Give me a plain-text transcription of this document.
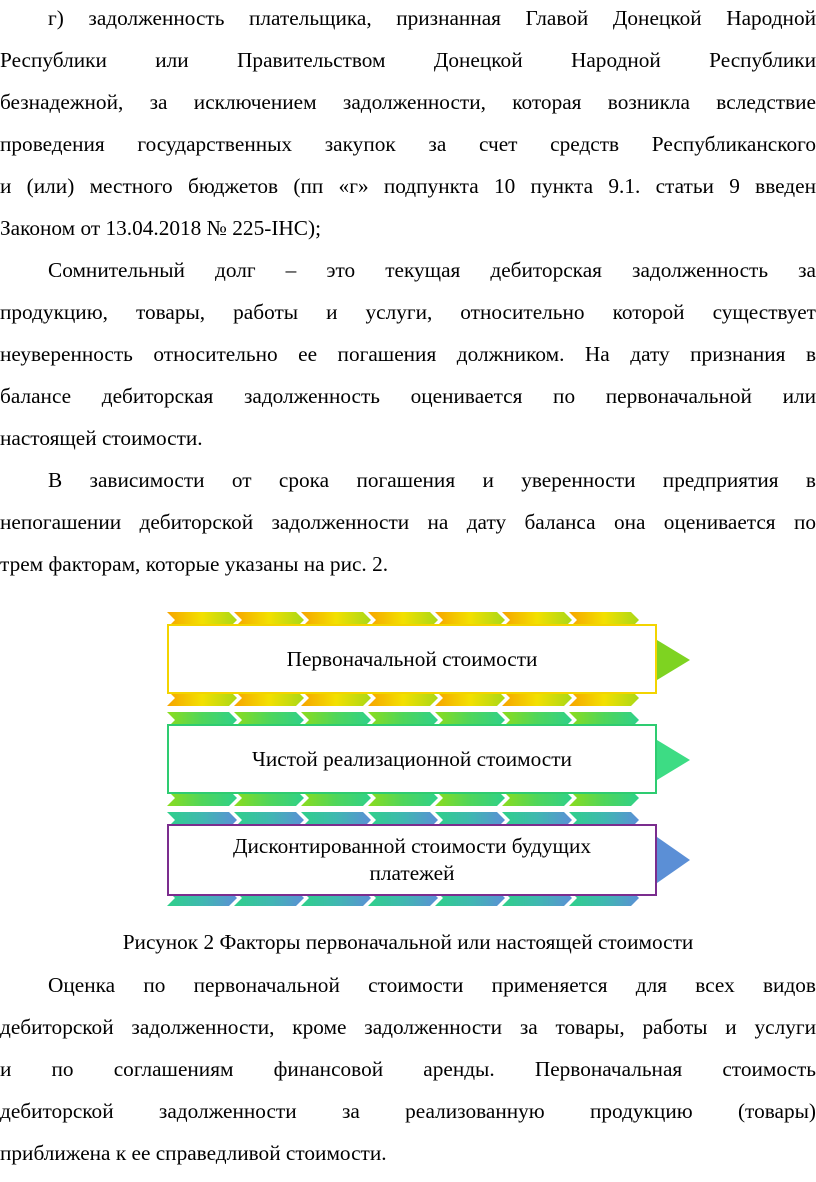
г) задолженность плательщика, признанная Главой Донецкой Народной
Республики или Правительством Донецкой Народной Республики
безнадежной, за исключением задолженности, которая возникла вследствие
проведения государственных закупок за счет средств Республиканского
и (или) местного бюджетов (пп «г» подпункта 10 пункта 9.1. статьи 9 введен
Законом от 13.04.2018 № 225-IНС);
Сомнительный долг – это текущая дебиторская задолженность за
продукцию, товары, работы и услуги, относительно которой существует
неуверенность относительно ее погашения должником. На дату признания в
балансе дебиторская задолженность оценивается по первоначальной или
настоящей стоимости.
В зависимости от срока погашения и уверенности предприятия в
непогашении дебиторской задолженности на дату баланса она оценивается по
трем факторам, которые указаны на рис. 2.
Первоначальной стоимости
Чистой реализационной стоимости
Дисконтированной стоимости будущих
платежей
Рисунок 2 Факторы первоначальной или настоящей стоимости
Оценка по первоначальной стоимости применяется для всех видов
дебиторской задолженности, кроме задолженности за товары, работы и услуги
и по соглашениям финансовой аренды. Первоначальная стоимость
дебиторской задолженности за реализованную продукцию (товары)
приближена к ее справедливой стоимости.
